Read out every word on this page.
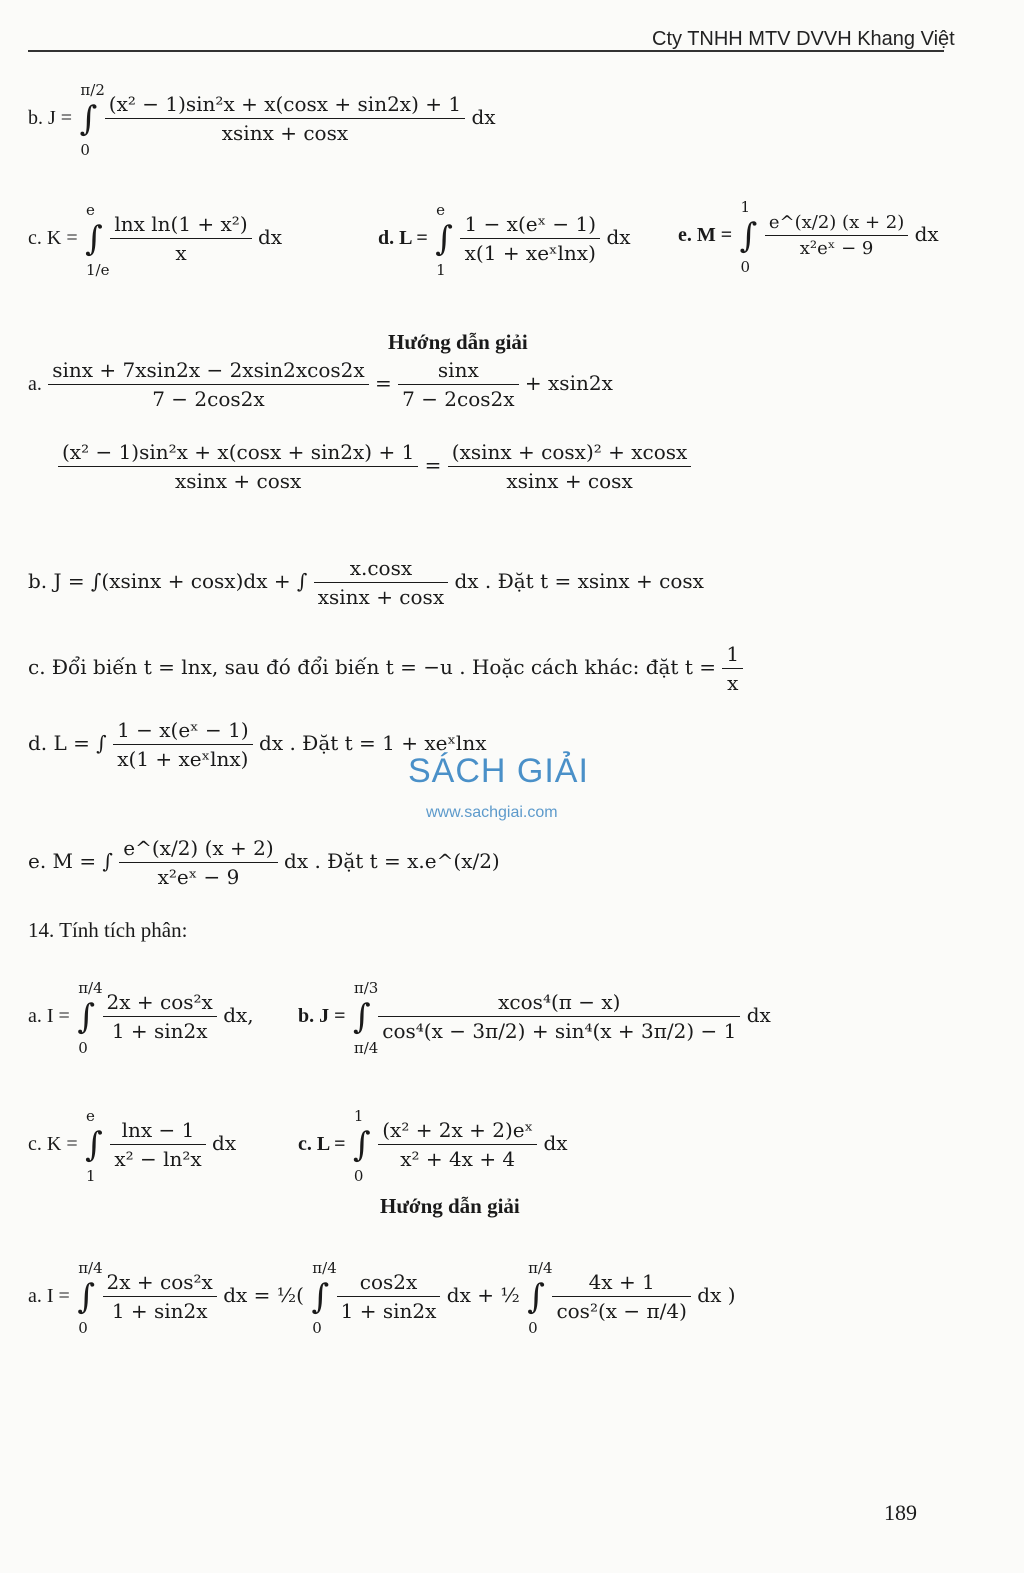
Cty TNHH MTV DVVH Khang Việt
b. J = ∫
π/2
0

$\frac{\text{(x² − 1)sin²x + x(cosx + sin2x) + 1}}{xsinx + \cos x}$ dx
c. K = ∫
e
1/e

$\frac{\text{lnx ln(1 + x²)}}{x}$ dx	d. L = ∫
e
1

$\frac{\text{1 − x(eˣ − 1)}}{\text{x(1 + xeˣlnx)}}$ dx e. M = ∫
1
0

$\frac{e\^{}(x/2) (x + 2)}{\text{x²eˣ − 9}}$ dx
Hướng dẫn giải
a. $\frac{\sin x + 7xsin2x - 2xsin2xcos2x}{7 - 2\cos 2x} = \frac{\sin x}{7 - 2\cos 2x} + xsin2x$
$\frac{\text{(x² − 1)sin²x + x(cosx + sin2x) + 1}}{xsinx + \cos x} = \frac{\text{(xsinx + cosx)² + xcosx}}{xsinx + \cos x}$
b. J = ∫(xsinx + cosx)dx + ∫ $\frac{x.\cos x}{xsinx + \cos x}$ dx . Đặt t = xsinx + cosx
c. Đổi biến t = lnx, sau đó đổi biến t = −u . Hoặc cách khác: đặt $t = \frac{1}{x}$
d. L = ∫ $\frac{\text{1 − x(eˣ − 1)}}{\text{x(1 + xeˣlnx)}}$ dx . Đặt t = 1 + xeˣlnx
e. M = ∫ $\frac{e\^{}(x/2) (x + 2)}{\text{x²eˣ − 9}}$ dx . Đặt t = x.e^(x/2)
14. Tính tích phân:
a. I = ∫
π/4
0

$\frac{\text{2x + cos²x}}{1 + \sin 2x}$ dx, b. J = ∫
π/3
π/4

$\frac{\text{xcos⁴(π − x)}}{\text{cos⁴(x − 3π/2) + sin⁴(x + 3π/2) − 1}}$ dx
c. K = ∫
e
1

$\frac{\ln x - 1}{\text{x² − ln²x}}$ dx	c. L = ∫
1
0

$\frac{\text{(x² + 2x + 2)eˣ}}{\text{x² + 4x + 4}}$ dx
Hướng dẫn giải
a. I = ∫
π/4
0

$\frac{\text{2x + cos²x}}{1 + \sin 2x}$ dx = ½( ∫
π/4
0

$\frac{\cos 2x}{1 + \sin 2x}$ dx + ½ ∫
π/4
0

$\frac{4x + 1}{\text{cos²(x − π/4)}}$ dx )
SÁCH GIẢI
www.sachgiai.com
189
